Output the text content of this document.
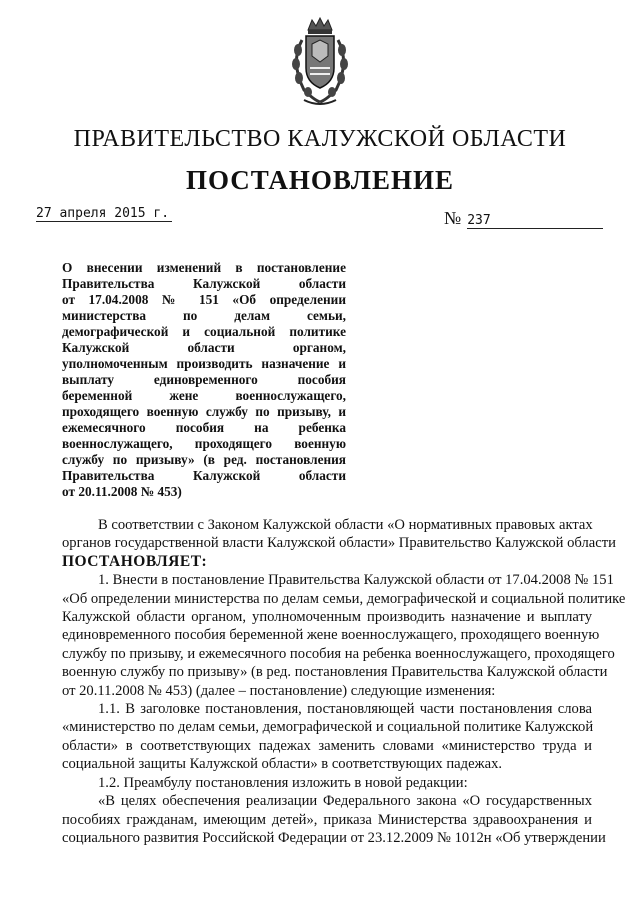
ПРАВИТЕЛЬСТВО КАЛУЖСКОЙ ОБЛАСТИ
ПОСТАНОВЛЕНИЕ
27 апреля 2015 г.	№ 237
О внесении изменений в постановление
Правительства Калужской области
от 17.04.2008 № 151 «Об определении
министерства по делам семьи,
демографической и социальной политике
Калужской области органом,
уполномоченным производить назначение и
выплату единовременного пособия
беременной жене военнослужащего,
проходящего военную службу по призыву, и
ежемесячного пособия на ребенка
военнослужащего, проходящего военную
службу по призыву» (в ред. постановления
Правительства Калужской области
от 20.11.2008 № 453)
В соответствии с Законом Калужской области «О нормативных правовых актах
органов государственной власти Калужской области» Правительство Калужской области
ПОСТАНОВЛЯЕТ:
1. Внести в постановление Правительства Калужской области от 17.04.2008 № 151
«Об определении министерства по делам семьи, демографической и социальной политике
Калужской области органом, уполномоченным производить назначение и выплату
единовременного пособия беременной жене военнослужащего, проходящего военную
службу по призыву, и ежемесячного пособия на ребенка военнослужащего, проходящего
военную службу по призыву» (в ред. постановления Правительства Калужской области
от 20.11.2008 № 453) (далее – постановление) следующие изменения:
1.1. В заголовке постановления, постановляющей части постановления слова
«министерство по делам семьи, демографической и социальной политике Калужской
области» в соответствующих падежах заменить словами «министерство труда и
социальной защиты Калужской области» в соответствующих падежах.
1.2. Преамбулу постановления изложить в новой редакции:
«В целях обеспечения реализации Федерального закона «О государственных
пособиях гражданам, имеющим детей», приказа Министерства здравоохранения и
социального развития Российской Федерации от 23.12.2009 № 1012н «Об утверждении
